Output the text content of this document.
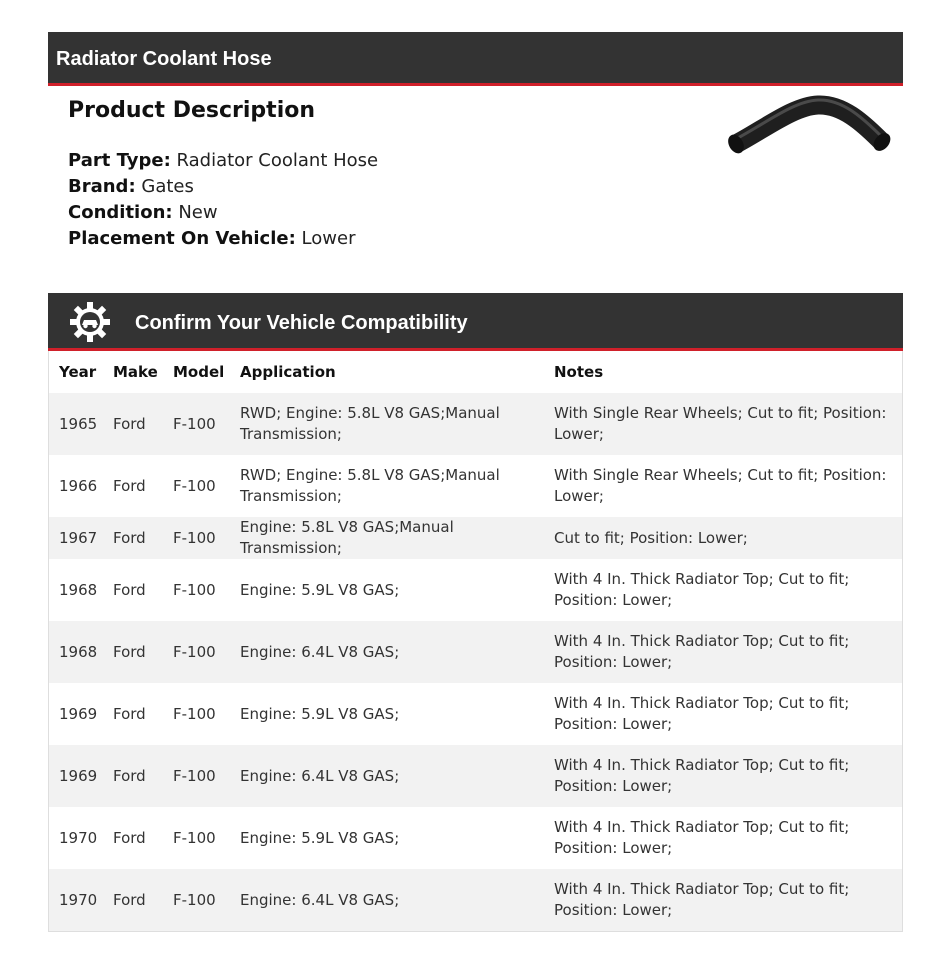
Radiator Coolant Hose
Product Description
Part Type: Radiator Coolant Hose
Brand: Gates
Condition: New
Placement On Vehicle: Lower
Confirm Your Vehicle Compatibility
Year	Make	Model	Application	Notes
1965	Ford	F-100	RWD; Engine: 5.8L V8 GAS;Manual Transmission;	With Single Rear Wheels; Cut to fit; Position: Lower;
1966	Ford	F-100	RWD; Engine: 5.8L V8 GAS;Manual Transmission;	With Single Rear Wheels; Cut to fit; Position: Lower;
1967	Ford	F-100	Engine: 5.8L V8 GAS;Manual Transmission;	Cut to fit; Position: Lower;
1968	Ford	F-100	Engine: 5.9L V8 GAS;	With 4 In. Thick Radiator Top; Cut to fit; Position: Lower;
1968	Ford	F-100	Engine: 6.4L V8 GAS;	With 4 In. Thick Radiator Top; Cut to fit; Position: Lower;
1969	Ford	F-100	Engine: 5.9L V8 GAS;	With 4 In. Thick Radiator Top; Cut to fit; Position: Lower;
1969	Ford	F-100	Engine: 6.4L V8 GAS;	With 4 In. Thick Radiator Top; Cut to fit; Position: Lower;
1970	Ford	F-100	Engine: 5.9L V8 GAS;	With 4 In. Thick Radiator Top; Cut to fit; Position: Lower;
1970	Ford	F-100	Engine: 6.4L V8 GAS;	With 4 In. Thick Radiator Top; Cut to fit; Position: Lower;
